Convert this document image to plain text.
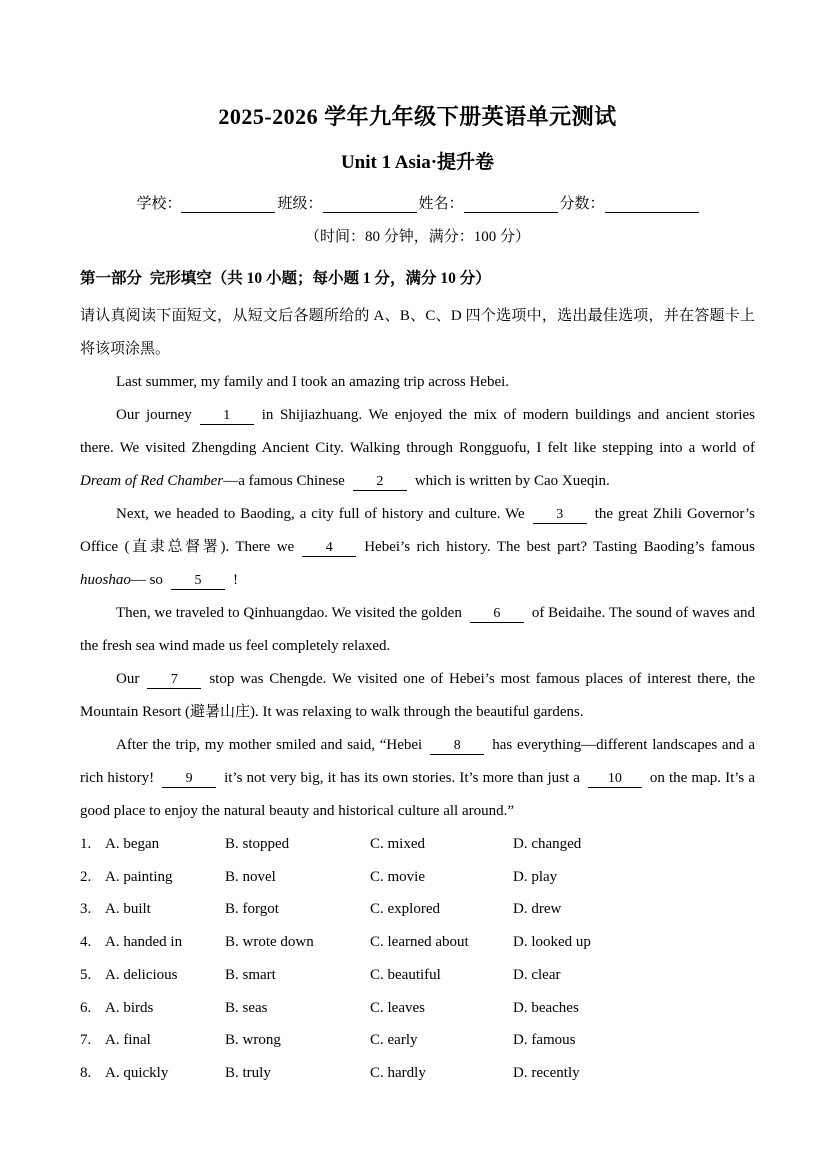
2025-2026 学年九年级下册英语单元测试
Unit 1 Asia·提升卷
学校：	班级：	姓名：	分数：
（时间：80 分钟，满分：100 分）
第一部分  完形填空（共 10 小题；每小题 1 分，满分 10 分）

请认真阅读下面短文，从短文后各题所给的 A、B、C、D 四个选项中，选出最佳选项，并在答题卡上将该项涂黑。

Last summer, my family and I took an amazing trip across Hebei.

Our journey 1 in Shijiazhuang. We enjoyed the mix of modern buildings and ancient stories there. We visited Zhengding Ancient City. Walking through Rongguofu, I felt like stepping into a world of Dream of Red Chamber—a famous Chinese 2 which is written by Cao Xueqin.

Next, we headed to Baoding, a city full of history and culture. We 3 the great Zhili Governor’s Office (直隶总督署). There we 4 Hebei’s rich history. The best part? Tasting Baoding’s famous huoshao— so 5 !

Then, we traveled to Qinhuangdao. We visited the golden 6 of Beidaihe. The sound of waves and the fresh sea wind made us feel completely relaxed.

Our 7 stop was Chengde. We visited one of Hebei’s most famous places of interest there, the Mountain Resort (避暑山庄). It was relaxing to walk through the beautiful gardens.

After the trip, my mother smiled and said, “Hebei 8 has everything—different landscapes and a rich history! 9 it’s not very big, it has its own stories. It’s more than just a 10 on the map. It’s a good place to enjoy the natural beauty and historical culture all around.”

1. A. began	B. stopped	C. mixed	D. changed
2. A. painting	B. novel	C. movie	D. play
3. A. built	B. forgot	C. explored	D. drew
4. A. handed in	B. wrote down	C. learned about	D. looked up
5. A. delicious	B. smart	C. beautiful	D. clear
6. A. birds	B. seas	C. leaves	D. beaches
7. A. final	B. wrong	C. early	D. famous
8. A. quickly	B. truly	C. hardly	D. recently
